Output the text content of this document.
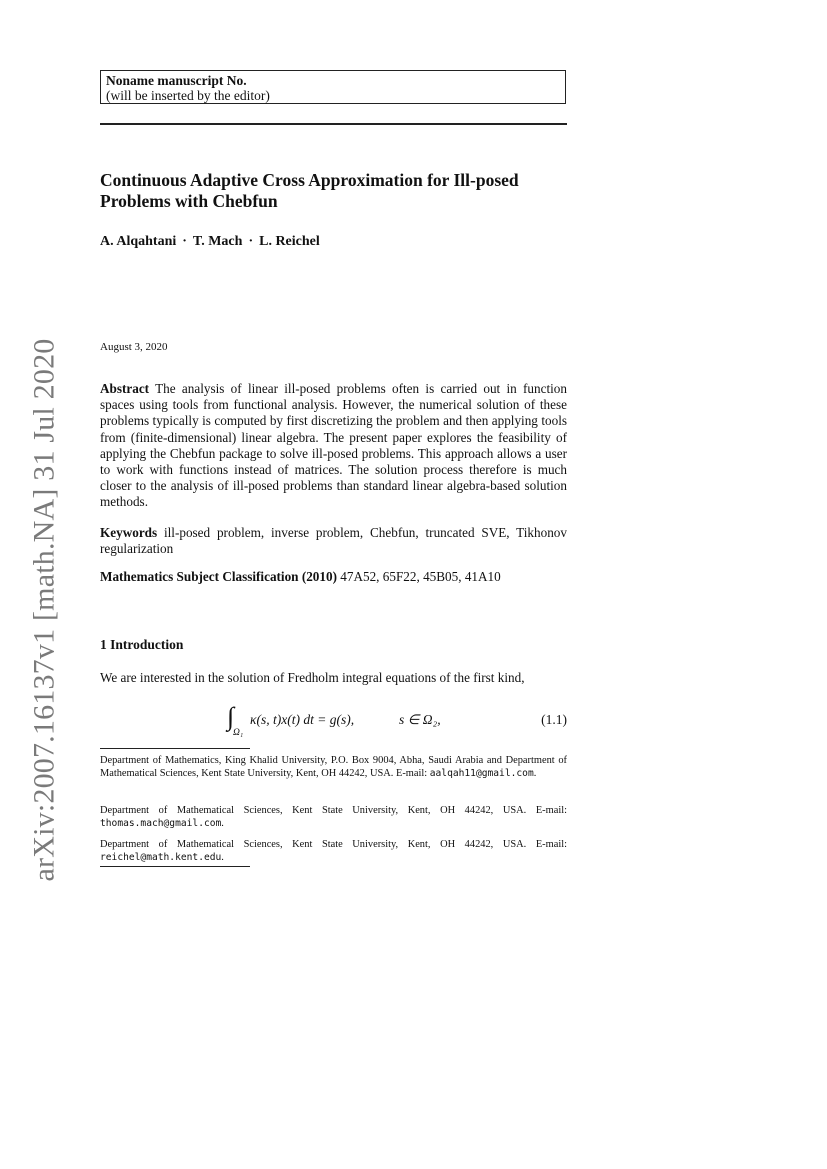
arXiv:2007.16137v1 [math.NA] 31 Jul 2020
Noname manuscript No.
(will be inserted by the editor)
Continuous Adaptive Cross Approximation for Ill-posed Problems with Chebfun
A. Alqahtani · T. Mach · L. Reichel
August 3, 2020
Abstract The analysis of linear ill-posed problems often is carried out in function spaces using tools from functional analysis. However, the numerical solution of these problems typically is computed by first discretizing the problem and then applying tools from (finite-dimensional) linear algebra. The present paper explores the feasibility of applying the Chebfun package to solve ill-posed problems. This approach allows a user to work with functions instead of matrices. The solution process therefore is much closer to the analysis of ill-posed problems than standard linear algebra-based solution methods.
Keywords ill-posed problem, inverse problem, Chebfun, truncated SVE, Tikhonov regularization
Mathematics Subject Classification (2010) 47A52, 65F22, 45B05, 41A10
1 Introduction
We are interested in the solution of Fredholm integral equations of the first kind,
∫
Ω₁
κ(s, t)x(t) dt = g(s),	s ∈ Ω₂,	(1.1)
Department of Mathematics, King Khalid University, P.O. Box 9004, Abha, Saudi Arabia and Department of Mathematical Sciences, Kent State University, Kent, OH 44242, USA. E-mail: aalqah11@gmail.com.
Department of Mathematical Sciences, Kent State University, Kent, OH 44242, USA. E-mail: thomas.mach@gmail.com.
Department of Mathematical Sciences, Kent State University, Kent, OH 44242, USA. E-mail: reichel@math.kent.edu.
